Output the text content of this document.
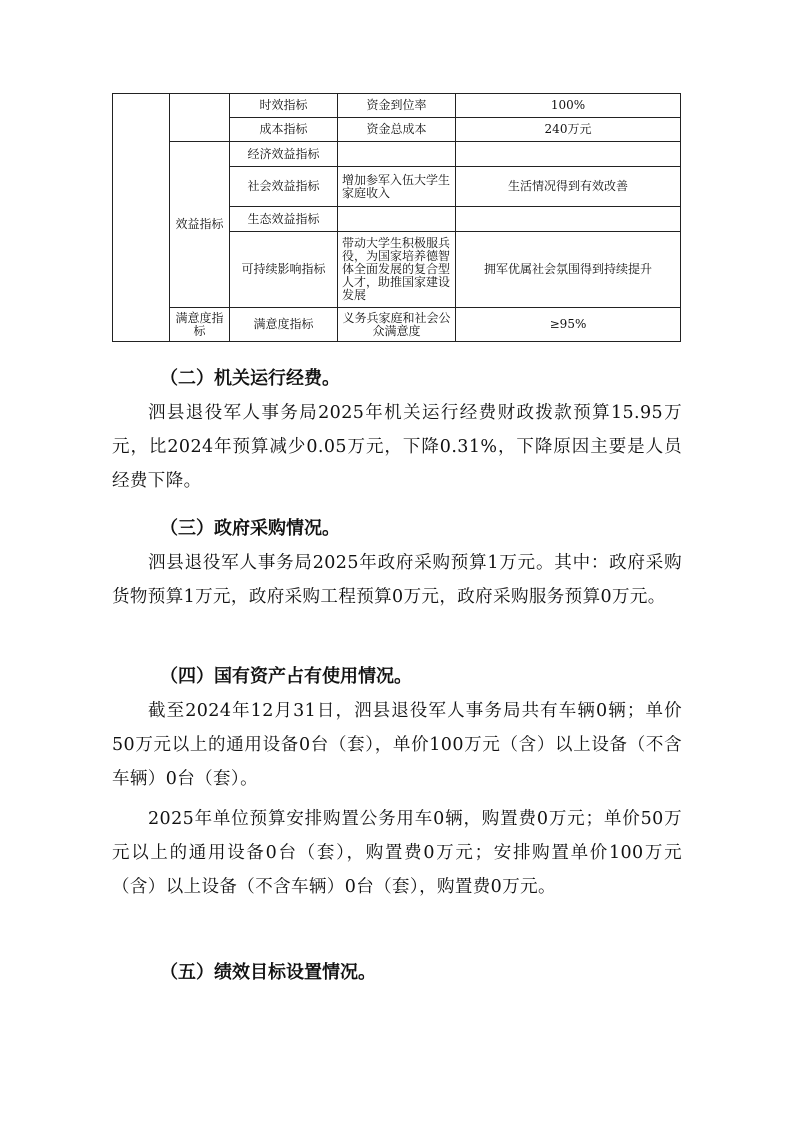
		时效指标	资金到位率	100%
		成本指标	资金总成本	240万元
	效益指标	经济效益指标		
		社会效益指标	增加参军入伍大学生家庭收入	生活情况得到有效改善
		生态效益指标		
		可持续影响指标	带动大学生积极服兵役，为国家培养德智体全面发展的复合型人才，助推国家建设发展	拥军优属社会氛围得到持续提升
	满意度指标	满意度指标	义务兵家庭和社会公众满意度	≥95%
（二）机关运行经费。
泗县退役军人事务局2025年机关运行经费财政拨款预算15.95万元，比2024年预算减少0.05万元，下降0.31%，下降原因主要是人员经费下降。
（三）政府采购情况。
泗县退役军人事务局2025年政府采购预算1万元。其中：政府采购货物预算1万元，政府采购工程预算0万元，政府采购服务预算0万元。
（四）国有资产占有使用情况。
截至2024年12月31日，泗县退役军人事务局共有车辆0辆；单价50万元以上的通用设备0台（套），单价100万元（含）以上设备（不含车辆）0台（套）。
2025年单位预算安排购置公务用车0辆，购置费0万元；单价50万元以上的通用设备0台（套），购置费0万元；安排购置单价100万元（含）以上设备（不含车辆）0台（套），购置费0万元。
（五）绩效目标设置情况。
